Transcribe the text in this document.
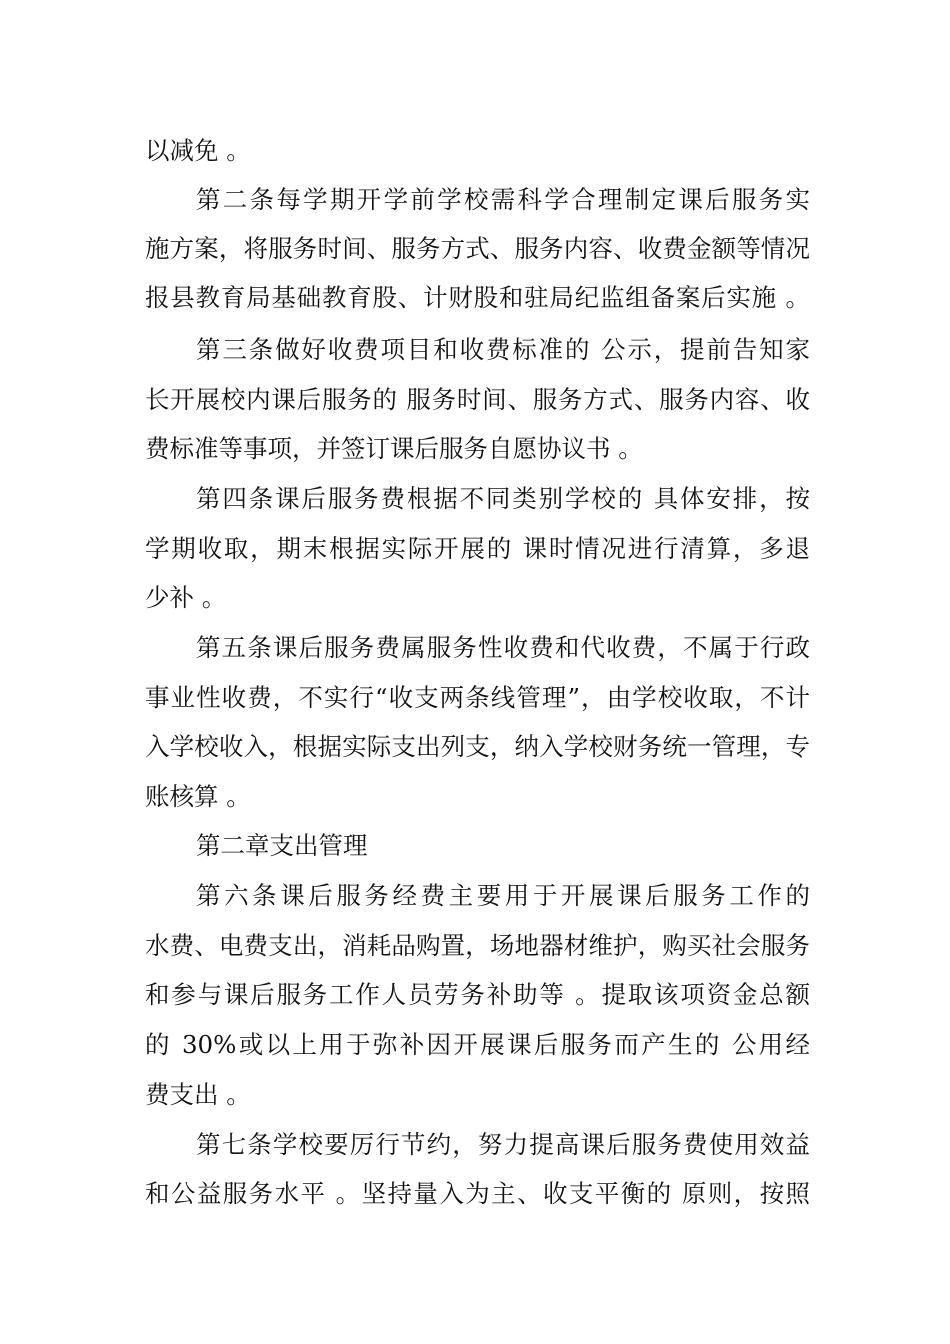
以减免 。
第二条每学期开学前学校需科学合理制定课后服务实
施方案，将服务时间、服务方式、服务内容、收费金额等情况
报县教育局基础教育股、计财股和驻局纪监组备案后实施 。
第三条做好收费项目和收费标准的 公示，提前告知家
长开展校内课后服务的 服务时间、服务方式、服务内容、收
费标准等事项，并签订课后服务自愿协议书 。
第四条课后服务费根据不同类别学校的 具体安排，按
学期收取，期末根据实际开展的 课时情况进行清算，多退
少补 。
第五条课后服务费属服务性收费和代收费，不属于行政
事业性收费，不实行“收支两条线管理”，由学校收取，不计
入学校收入，根据实际支出列支，纳入学校财务统一管理，专
账核算 。
第二章支出管理
第六条课后服务经费主要用于开展课后服务工作的
水费、电费支出，消耗品购置，场地器材维护，购买社会服务
和参与课后服务工作人员劳务补助等 。提取该项资金总额
的 30%或以上用于弥补因开展课后服务而产生的 公用经
费支出 。
第七条学校要厉行节约，努力提高课后服务费使用效益
和公益服务水平 。坚持量入为主、收支平衡的 原则，按照
